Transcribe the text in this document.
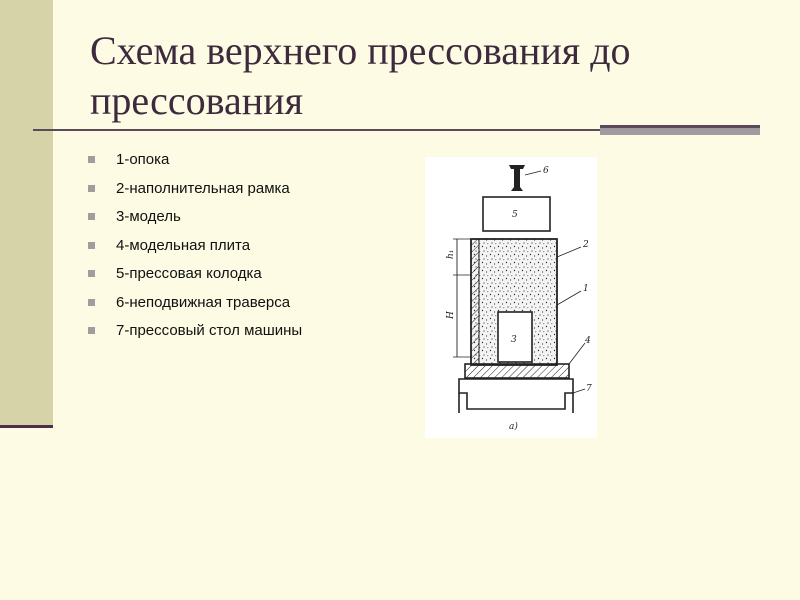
Схема верхнего прессования до прессования
1-опока
2-наполнительная рамка
3-модель
4-модельная плита
5-прессовая колодка
6-неподвижная траверса
7-прессовый стол машины
6
5
2
1
3	4
7
h₁
H
а)
